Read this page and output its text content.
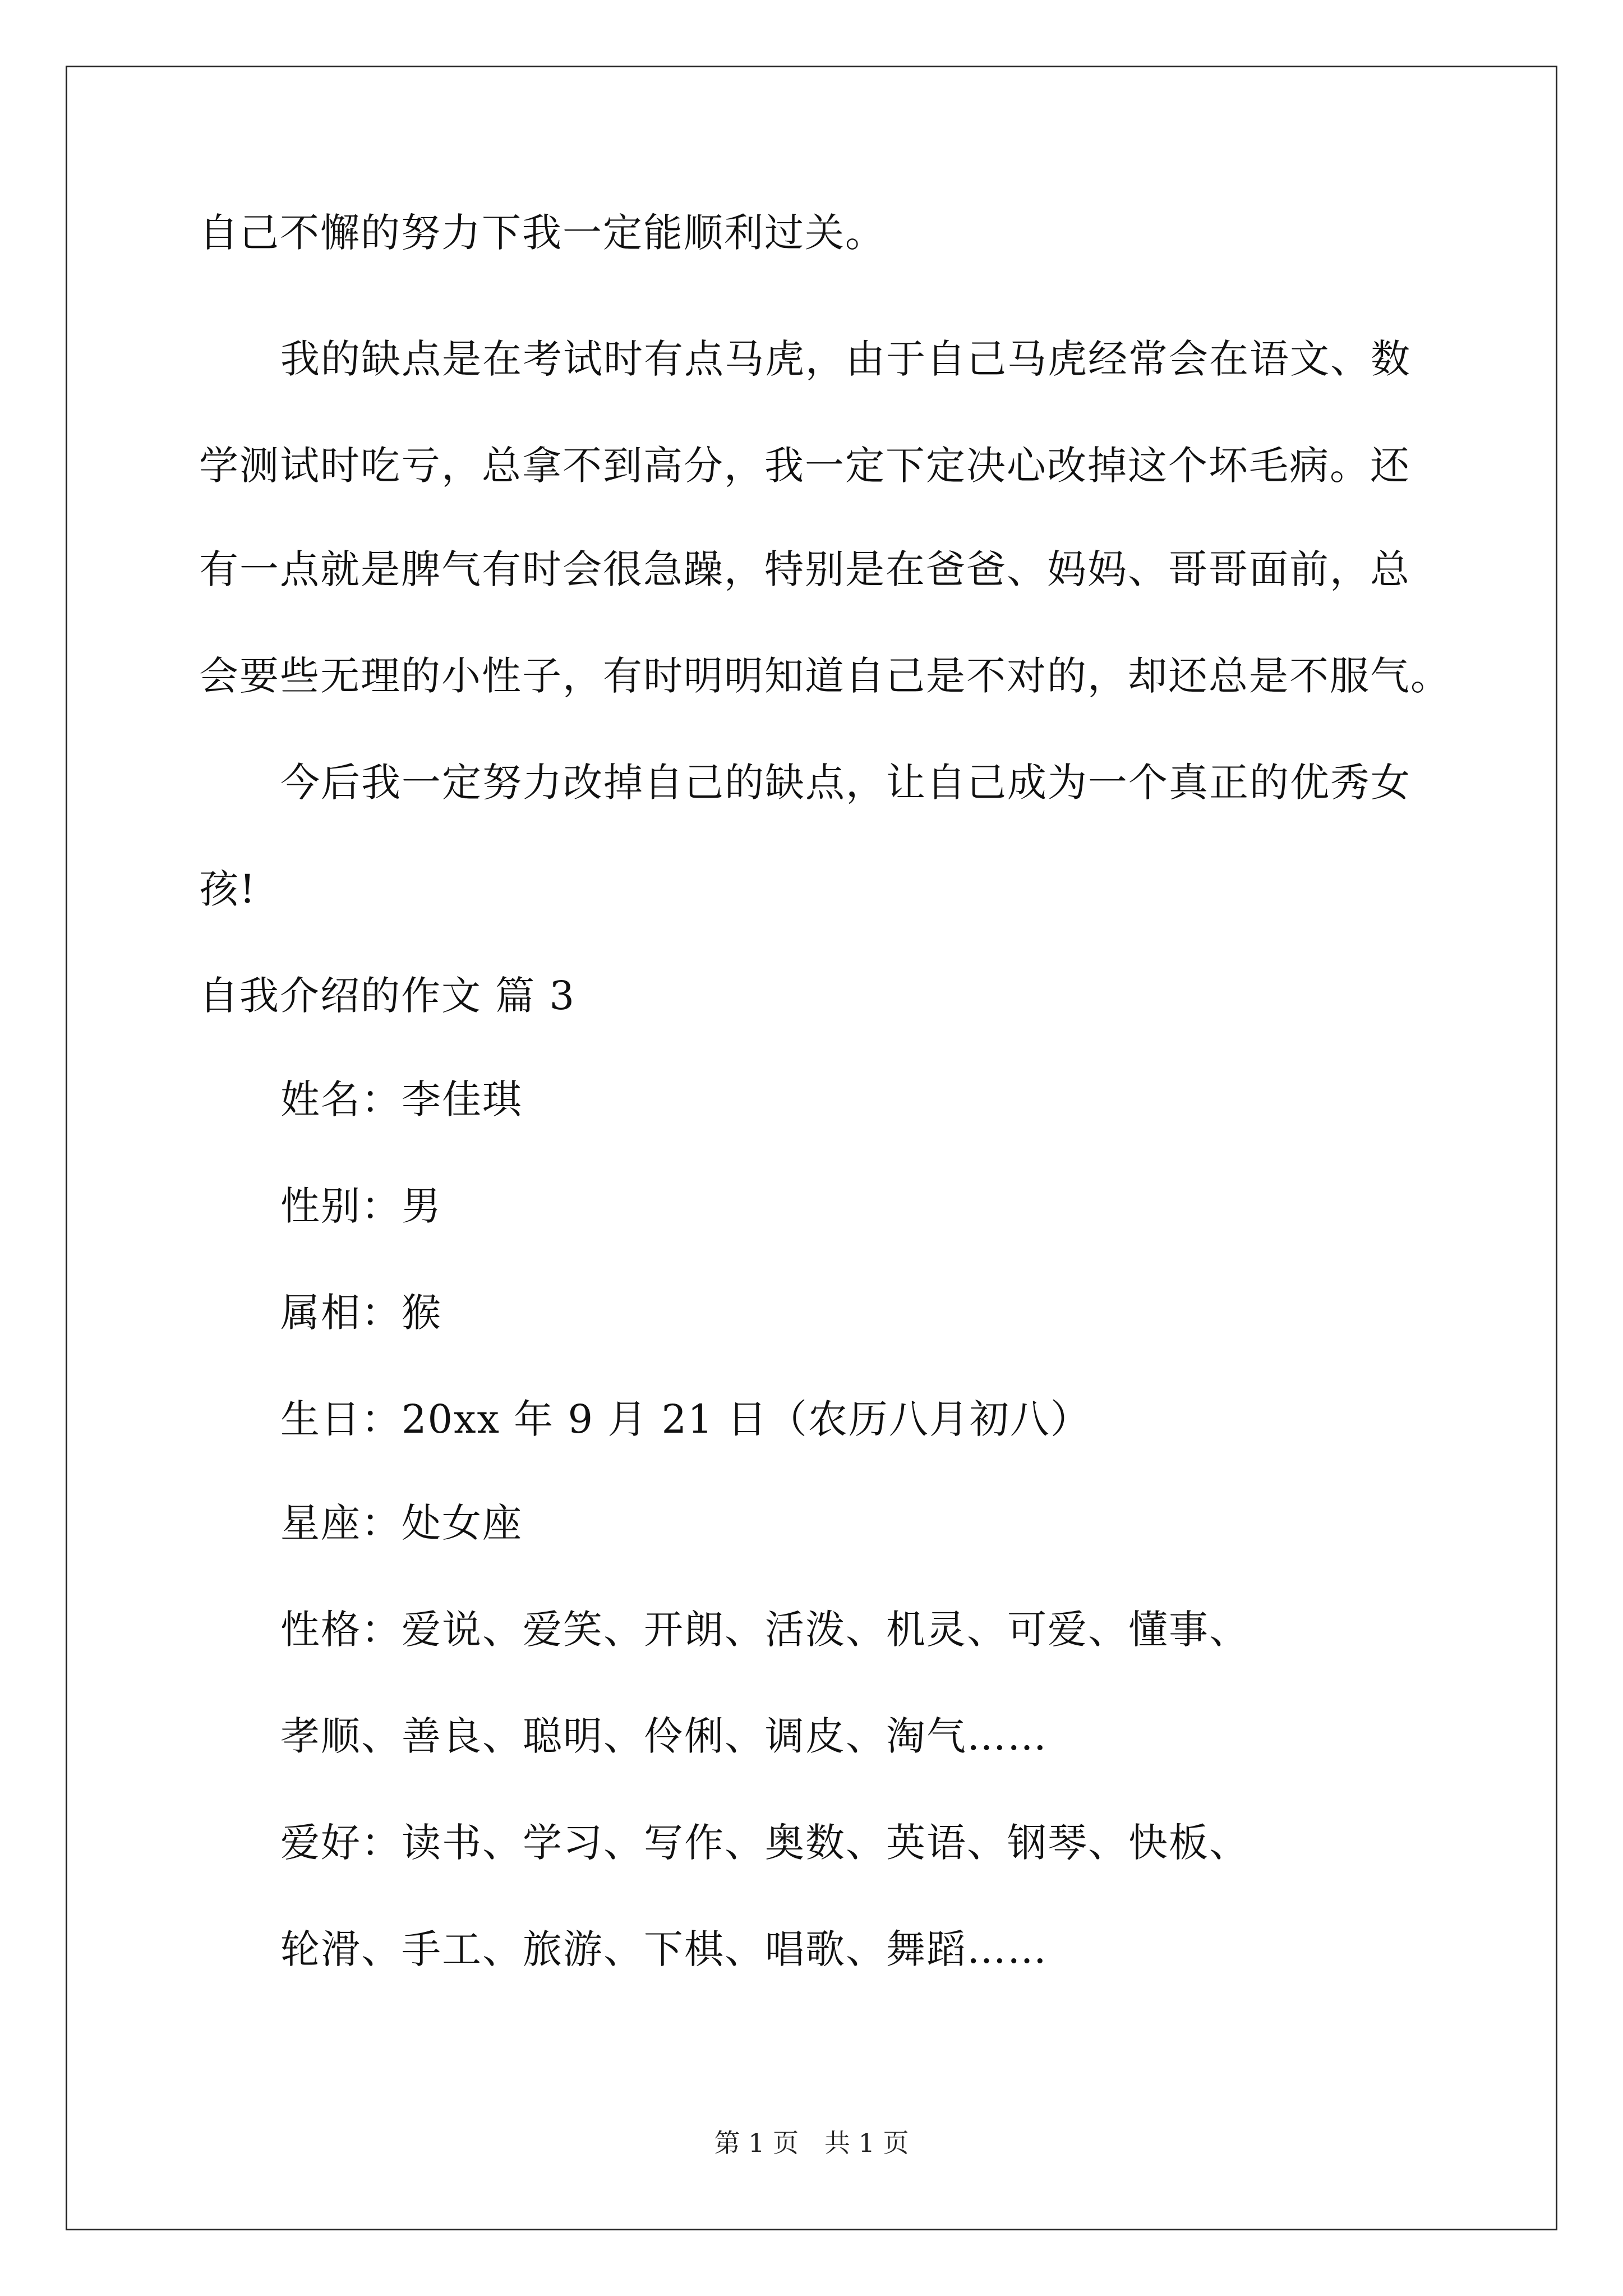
自己不懈的努力下我一定能顺利过关。
我的缺点是在考试时有点马虎，由于自己马虎经常会在语文、数
学测试时吃亏，总拿不到高分，我一定下定决心改掉这个坏毛病。还
有一点就是脾气有时会很急躁，特别是在爸爸、妈妈、哥哥面前，总
会要些无理的小性子，有时明明知道自己是不对的，却还总是不服气。
今后我一定努力改掉自己的缺点，让自己成为一个真正的优秀女
孩!
自我介绍的作文 篇 3
姓名：李佳琪
性别：男
属相：猴
生日：20xx 年 9 月 21 日（农历八月初八）
星座：处女座
性格：爱说、爱笑、开朗、活泼、机灵、可爱、懂事、
孝顺、善良、聪明、伶俐、调皮、淘气……
爱好：读书、学习、写作、奥数、英语、钢琴、快板、
轮滑、手工、旅游、下棋、唱歌、舞蹈……
第 1 页　共 1 页
